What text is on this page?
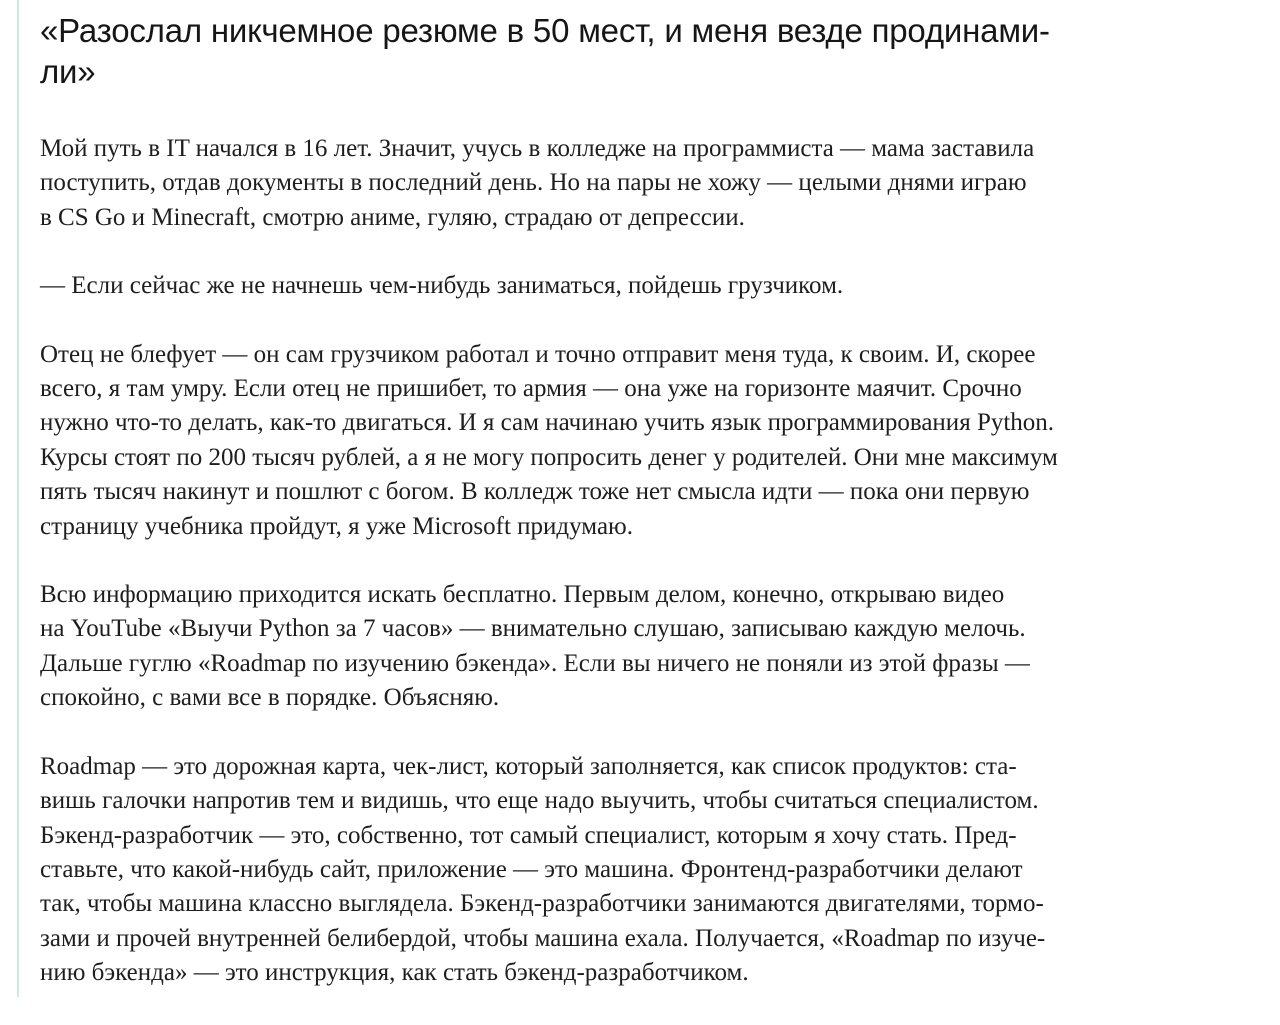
«Разослал никчемное резюме в 50 мест, и меня везде продинами-
ли»

Мой путь в IT начался в 16 лет. Значит, учусь в колледже на программиста — мама заставила
поступить, отдав документы в последний день. Но на пары не хожу — целыми днями играю
в CS Go и Minecraft, смотрю аниме, гуляю, страдаю от депрессии.

— Если сейчас же не начнешь чем-нибудь заниматься, пойдешь грузчиком.

Отец не блефует — он сам грузчиком работал и точно отправит меня туда, к своим. И, скорее
всего, я там умру. Если отец не пришибет, то армия — она уже на горизонте маячит. Срочно
нужно что-то делать, как-то двигаться. И я сам начинаю учить язык программирования Python.
Курсы стоят по 200 тысяч рублей, а я не могу попросить денег у родителей. Они мне максимум
пять тысяч накинут и пошлют с богом. В колледж тоже нет смысла идти — пока они первую
страницу учебника пройдут, я уже Microsoft придумаю.

Всю информацию приходится искать бесплатно. Первым делом, конечно, открываю видео
на YouTube «Выучи Python за 7 часов» — внимательно слушаю, записываю каждую мелочь.
Дальше гуглю «Roadmap по изучению бэкенда». Если вы ничего не поняли из этой фразы —
спокойно, с вами все в порядке. Объясняю.

Roadmap — это дорожная карта, чек-лист, который заполняется, как список продуктов: ста-
вишь галочки напротив тем и видишь, что еще надо выучить, чтобы считаться специалистом.
Бэкенд-разработчик — это, собственно, тот самый специалист, которым я хочу стать. Пред-
ставьте, что какой-нибудь сайт, приложение — это машина. Фронтенд-разработчики делают
так, чтобы машина классно выглядела. Бэкенд-разработчики занимаются двигателями, тормо-
зами и прочей внутренней белибердой, чтобы машина ехала. Получается, «Roadmap по изуче-
нию бэкенда» — это инструкция, как стать бэкенд-разработчиком.
